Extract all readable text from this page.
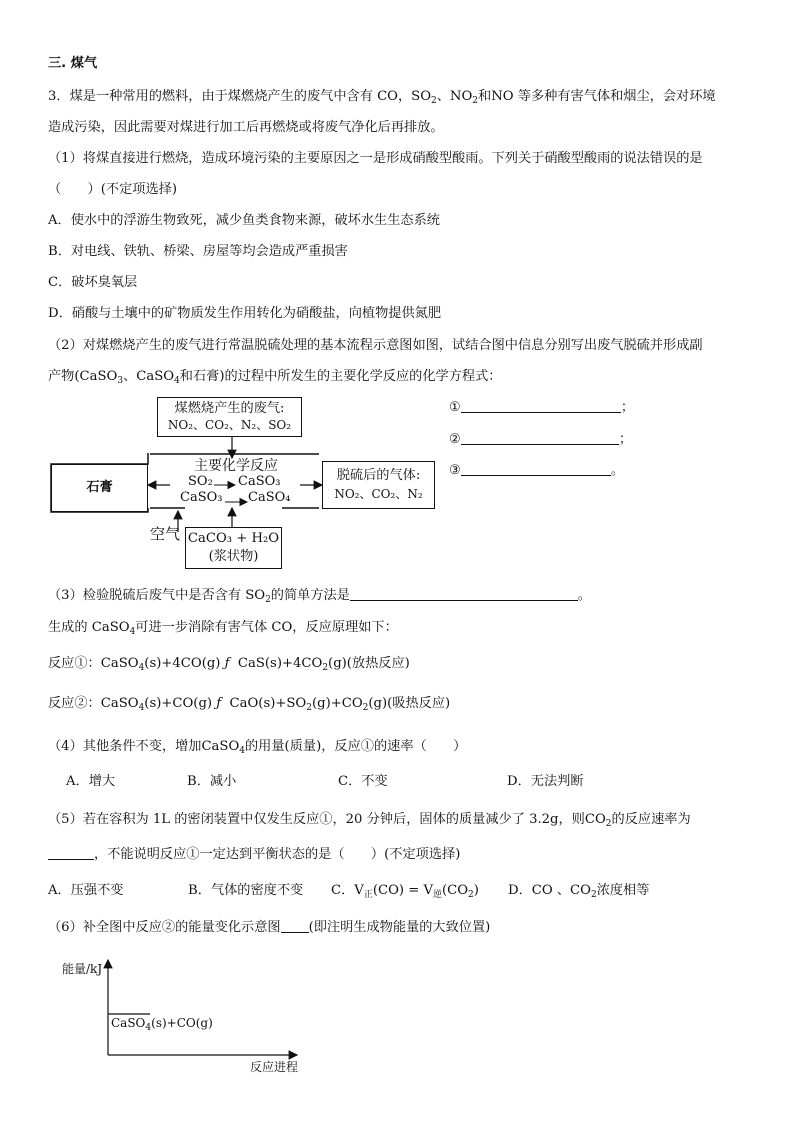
三. 煤气
3．煤是一种常用的燃料，由于煤燃烧产生的废气中含有 CO，$SO_2$、$NO_2$和NO 等多种有害气体和烟尘，会对环境
造成污染，因此需要对煤进行加工后再燃烧或将废气净化后再排放。
（1）将煤直接进行燃烧，造成环境污染的主要原因之一是形成硝酸型酸雨。下列关于硝酸型酸雨的说法错误的是
（　　）(不定项选择)
A．使水中的浮游生物致死，减少鱼类食物来源，破坏水生生态系统
B．对电线、铁轨、桥梁、房屋等均会造成严重损害
C．破坏臭氧层
D．硝酸与土壤中的矿物质发生作用转化为硝酸盐，向植物提供氮肥
（2）对煤燃烧产生的废气进行常温脱硫处理的基本流程示意图如图，试结合图中信息分别写出废气脱硫并形成副
产物(CaSO$_3$、CaSO$_4$和石膏)的过程中所发生的主要化学反应的化学方程式：
煤燃烧产生的废气:
NO₂、CO₂、N₂、SO₂
石膏
主要化学反应
SO₂ CaSO₃
CaSO₃ CaSO₄
脱硫后的气体:
NO₂、CO₂、N₂
空气 CaCO₃ + H₂O
(浆状物)
①	；
②	；
③	。
（3）检验脱硫后废气中是否含有 $SO_2$的简单方法是	。
生成的 CaSO$_4$可进一步消除有害气体 CO，反应原理如下：
反应①：CaSO$_4$(s)+4CO(g) ƒ $CaS(s)+4CO_2(g)$(放热反应)
反应②：CaSO$_4$(s)+CO(g) ƒ $CaO(s)+SO_2(g)+CO_2(g)$(吸热反应)
（4）其他条件不变，增加CaSO$_4$的用量(质量)，反应①的速率（　　）
A．增大	B．减小	C．不变	D．无法判断
（5）若在容积为 1L 的密闭装置中仅发生反应①，20 分钟后，固体的质量减少了 3.2g，则$CO_2$的反应速率为
，不能说明反应①一定达到平衡状态的是（　　）(不定项选择)
A．压强不变	B．气体的密度不变 C．$V_正(CO) = V_逆(CO_2)$ D．CO 、$CO_2$浓度相等
（6）补全图中反应②的能量变化示意图 (即注明生成物能量的大致位置)
能量/kJ
反应进程
CaSO$_4$(s)+CO(g)
